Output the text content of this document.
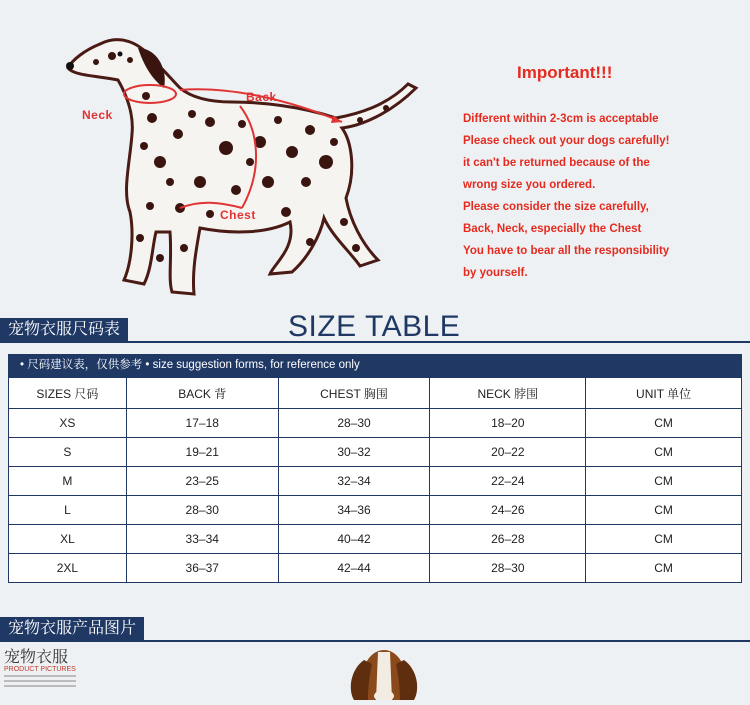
Neck
Back
Chest
Important!!!
Different within 2-3cm is acceptable
Please check out your dogs carefully!
it can't be returned because of the
wrong size you ordered.
Please consider the size carefully,
Back, Neck, especially the Chest
You have to bear all the responsibility
by yourself.
宠物衣服尺码表	SIZE TABLE
• 尺码建议表，仅供参考 • size suggestion forms, for reference only
SIZES 尺码	BACK 背	CHEST 胸围	NECK 脖围	UNIT 单位
XS	17–18	28–30	18–20	CM
S	19–21	30–32	20–22	CM
M	23–25	32–34	22–24	CM
L	28–30	34–36	24–26	CM
XL	33–34	40–42	26–28	CM
2XL	36–37	42–44	28–30	CM
宠物衣服产品图片
宠物衣服
PRODUCT PICTURES
